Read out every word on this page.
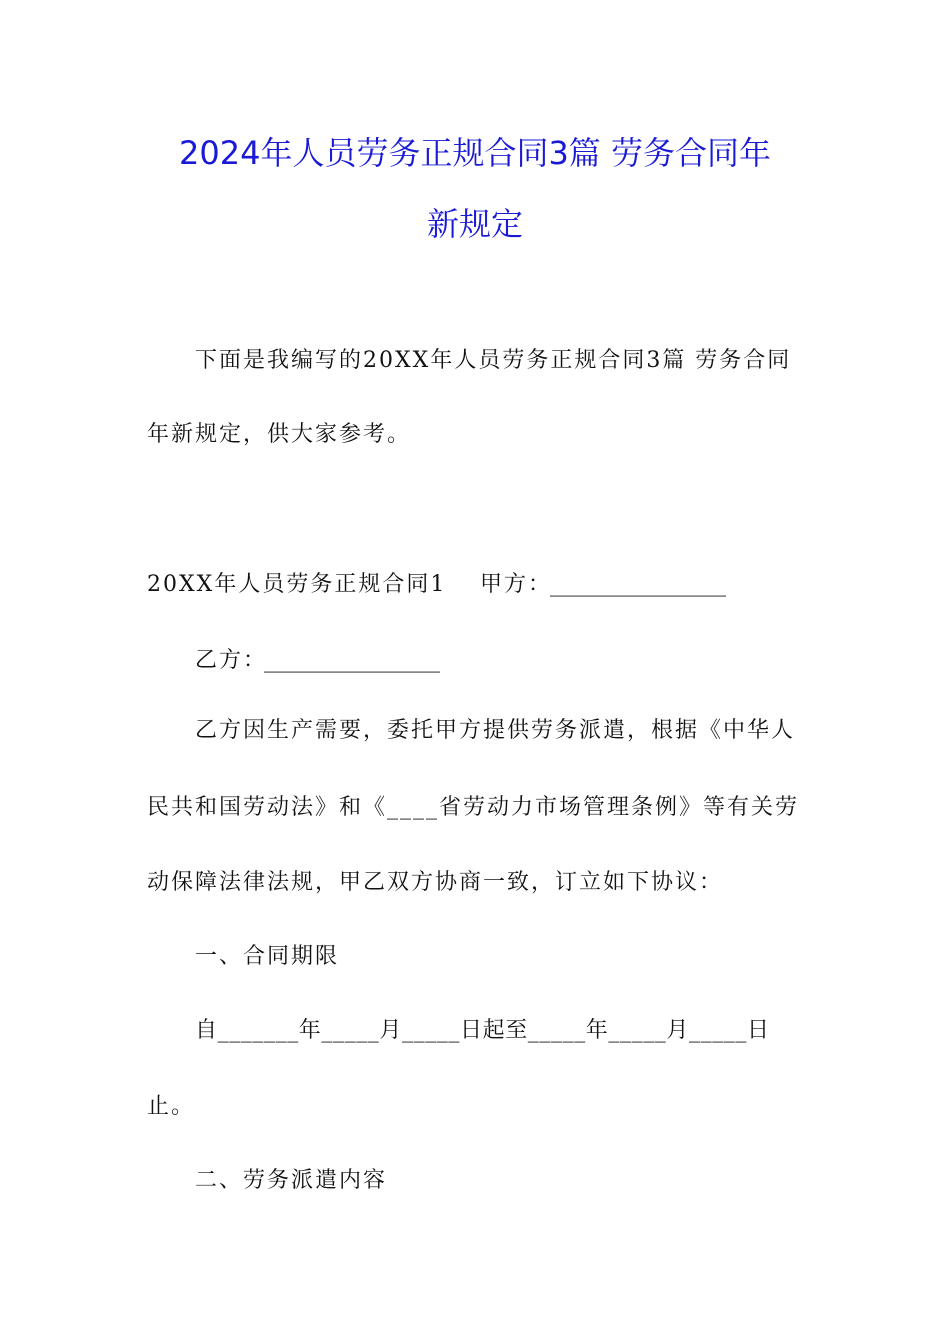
2024年人员劳务正规合同3篇 劳务合同年
新规定
下面是我编写的20XX年人员劳务正规合同3篇 劳务合同
年新规定，供大家参考。
20XX年人员劳务正规合同1 甲方：
________________
乙方：
________________
乙方因生产需要，委托甲方提供劳务派遣，根据《中华人
民共和国劳动法》和《____省劳动力市场管理条例》等有关劳
动保障法律法规，甲乙双方协商一致，订立如下协议：
一、合同期限
自_______年_____月_____日起至_____年_____月_____日
止。
二、劳务派遣内容
